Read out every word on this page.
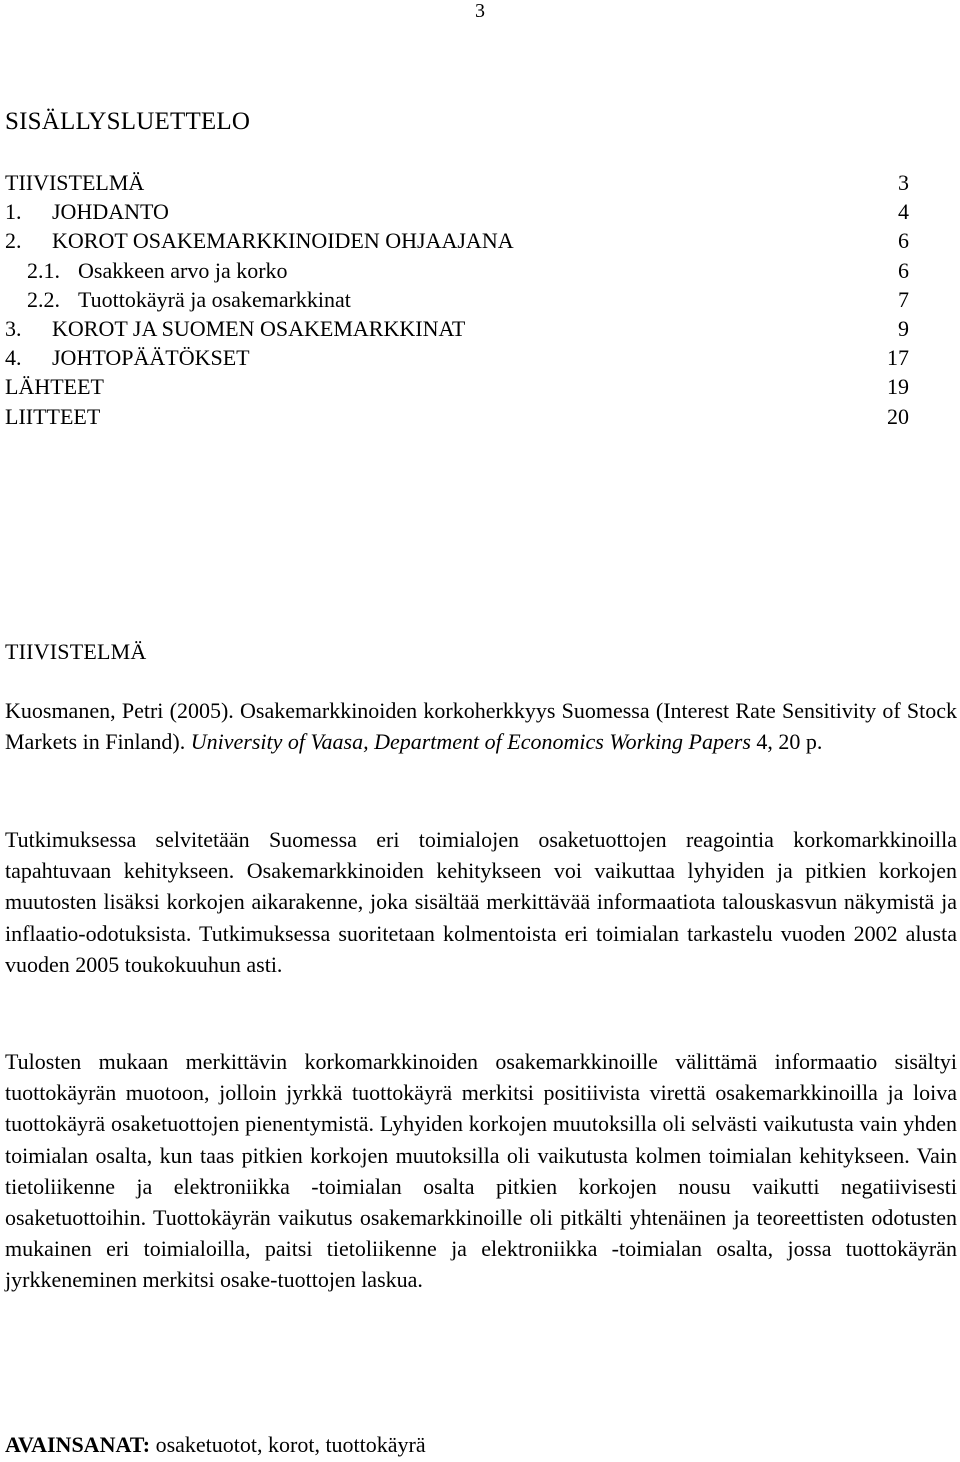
3
SISÄLLYSLUETTELO
TIIVISTELMÄ	3
1. JOHDANTO	4
2. KOROT OSAKEMARKKINOIDEN OHJAAJANA	6
2.1. Osakkeen arvo ja korko	6
2.2. Tuottokäyrä ja osakemarkkinat	7
3. KOROT JA SUOMEN OSAKEMARKKINAT	9
4. JOHTOPÄÄTÖKSET	17
LÄHTEET	19
LIITTEET	20
TIIVISTELMÄ
Kuosmanen, Petri (2005). Osakemarkkinoiden korkoherkkyys Suomessa (Interest Rate Sensitivity of Stock Markets in Finland). University of Vaasa, Department of Economics Working Papers 4, 20 p.
Tutkimuksessa selvitetään Suomessa eri toimialojen osaketuottojen reagointia korkomarkkinoilla tapahtuvaan kehitykseen. Osakemarkkinoiden kehitykseen voi vaikuttaa lyhyiden ja pitkien korkojen muutosten lisäksi korkojen aikarakenne, joka sisältää merkittävää informaatiota talouskasvun näkymistä ja inflaatio-odotuksista. Tutkimuksessa suoritetaan kolmentoista eri toimialan tarkastelu vuoden 2002 alusta vuoden 2005 toukokuuhun asti.
Tulosten mukaan merkittävin korkomarkkinoiden osakemarkkinoille välittämä informaatio sisältyi tuottokäyrän muotoon, jolloin jyrkkä tuottokäyrä merkitsi positiivista virettä osakemarkkinoilla ja loiva tuottokäyrä osaketuottojen pienentymistä. Lyhyiden korkojen muutoksilla oli selvästi vaikutusta vain yhden toimialan osalta, kun taas pitkien korkojen muutoksilla oli vaikutusta kolmen toimialan kehitykseen. Vain tietoliikenne ja elektroniikka -toimialan osalta pitkien korkojen nousu vaikutti negatiivisesti osaketuottoihin. Tuottokäyrän vaikutus osakemarkkinoille oli pitkälti yhtenäinen ja teoreettisten odotusten mukainen eri toimialoilla, paitsi tietoliikenne ja elektroniikka -toimialan osalta, jossa tuottokäyrän jyrkkeneminen merkitsi osake-tuottojen laskua.
AVAINSANAT: osaketuotot, korot, tuottokäyrä
